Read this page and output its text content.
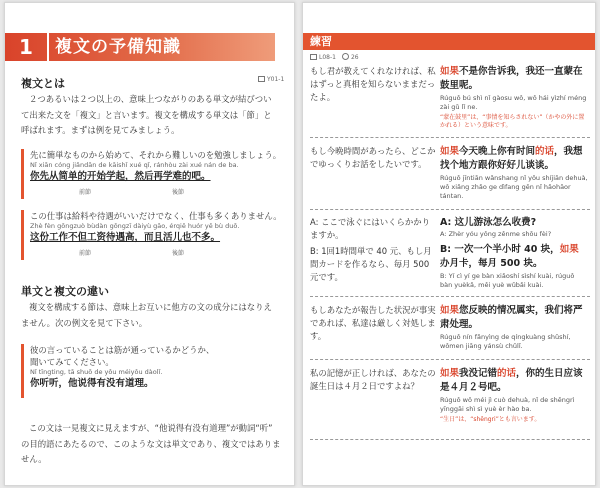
1	複文の予備知識
複文とは	Y01-1
２つあるいは２つ以上の、意味上つながりのある単文が結びつい
て出来た文を「複文」と言います。複文を構成する単文は「節」と
呼ばれます。まずは例を見てみましょう。
先に簡単なものから始めて、それから難しいのを勉強しましょう。
Nǐ xiān cóng jiǎndān de kāishǐ xué qǐ, ránhòu zài xué nán de ba.
你先从简单的开始学起，然后再学难的吧。
前節	後節
この仕事は給料や待遇がいいだけでなく、仕事も多くありません。
Zhè fèn gōngzuò bùdàn gōngzī dàiyù gāo, érqiě huór yě bù duō.
这份工作不但工资待遇高，而且活儿也不多。
前節	後節
単文と複文の違い
複文を構成する節は、意味上お互いに他方の文の成分にはなりえ
ません。次の例文を見て下さい。
彼の言っていることは筋が通っているかどうか、
聞いてみてください。
Nǐ tīngting, tā shuō de yǒu méiyǒu dàolǐ.
你听听，他说得有没有道理。
この文は一見複文に見えますが、“他说得有没有道理”が動詞“听”
の目的語にあたるので、このような文は単文であり、複文ではありま
せん。
練習
L08-1	26
もし君が教えてくれなければ、私はずっと真相を知らないままだったよ。
如果不是你告诉我，我还一直蒙在鼓里呢。
Rúguǒ bú shì nǐ gàosu wǒ, wǒ hái yìzhí méng zài gǔ lǐ ne.
“蒙在鼓里”は、“事情を知らされない”（かやの外に置かれる）という意味です。
もし今晩時間があったら、どこかでゆっくりお話をしたいです。
如果今天晚上你有时间的话，我想找个地方跟你好好儿谈谈。
Rúguǒ jīntiān wǎnshang nǐ yǒu shíjiān dehuà, wǒ xiǎng zhǎo ge dìfang gēn nǐ hǎohāor tántan.
A: ここで泳ぐにはいくらかかりますか。
B: 1回1時間単で 40 元、もし月間カードを作るなら、毎月 500 元です。
A: 这儿游泳怎么收费?
A: Zhèr yóu yǒng zěnme shōu fèi?
B: 一次一个半小时 40 块，如果办月卡，每月 500 块。
B: Yí cì yí ge bàn xiǎoshí sìshí kuài, rúguǒ bàn yuèkǎ, měi yuè wǔbǎi kuài.
もしあなたが報告した状況が事実であれば、私達は厳しく対処します。
如果您反映的情况属实，我们将严肃处理。
Rúguǒ nín fǎnyìng de qíngkuàng shǔshí, wǒmen jiāng yánsù chǔlǐ.
私の記憶が正しければ、あなたの誕生日は４月２日ですよね？
如果我没记错的话，你的生日应该是４月２号吧。
Rúguǒ wǒ méi jì cuò dehuà, nǐ de shēngrì yīnggāi shì sì yuè èr hào ba.
“生日”は、“shēngri”とも言います。
